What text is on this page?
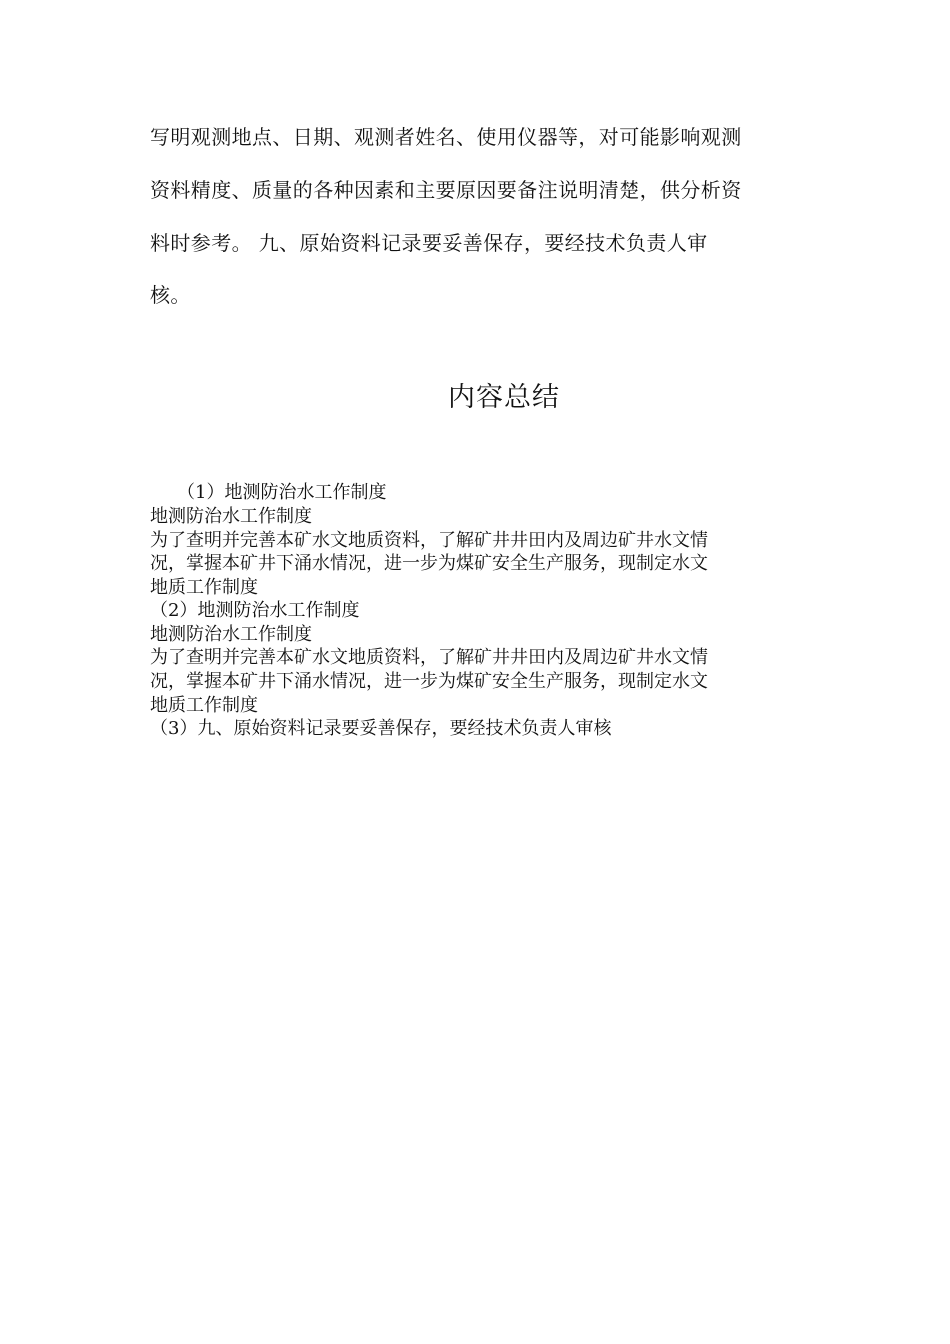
写明观测地点、日期、观测者姓名、使用仪器等，对可能影响观测
资料精度、质量的各种因素和主要原因要备注说明清楚，供分析资
料时参考。 九、原始资料记录要妥善保存，要经技术负责人审
核。
内容总结
　　（1）地测防治水工作制度
地测防治水工作制度
为了查明并完善本矿水文地质资料，了解矿井井田内及周边矿井水文情
况，掌握本矿井下涌水情况，进一步为煤矿安全生产服务，现制定水文
地质工作制度
（2）地测防治水工作制度
地测防治水工作制度
为了查明并完善本矿水文地质资料，了解矿井井田内及周边矿井水文情
况，掌握本矿井下涌水情况，进一步为煤矿安全生产服务，现制定水文
地质工作制度
（3）九、原始资料记录要妥善保存，要经技术负责人审核
